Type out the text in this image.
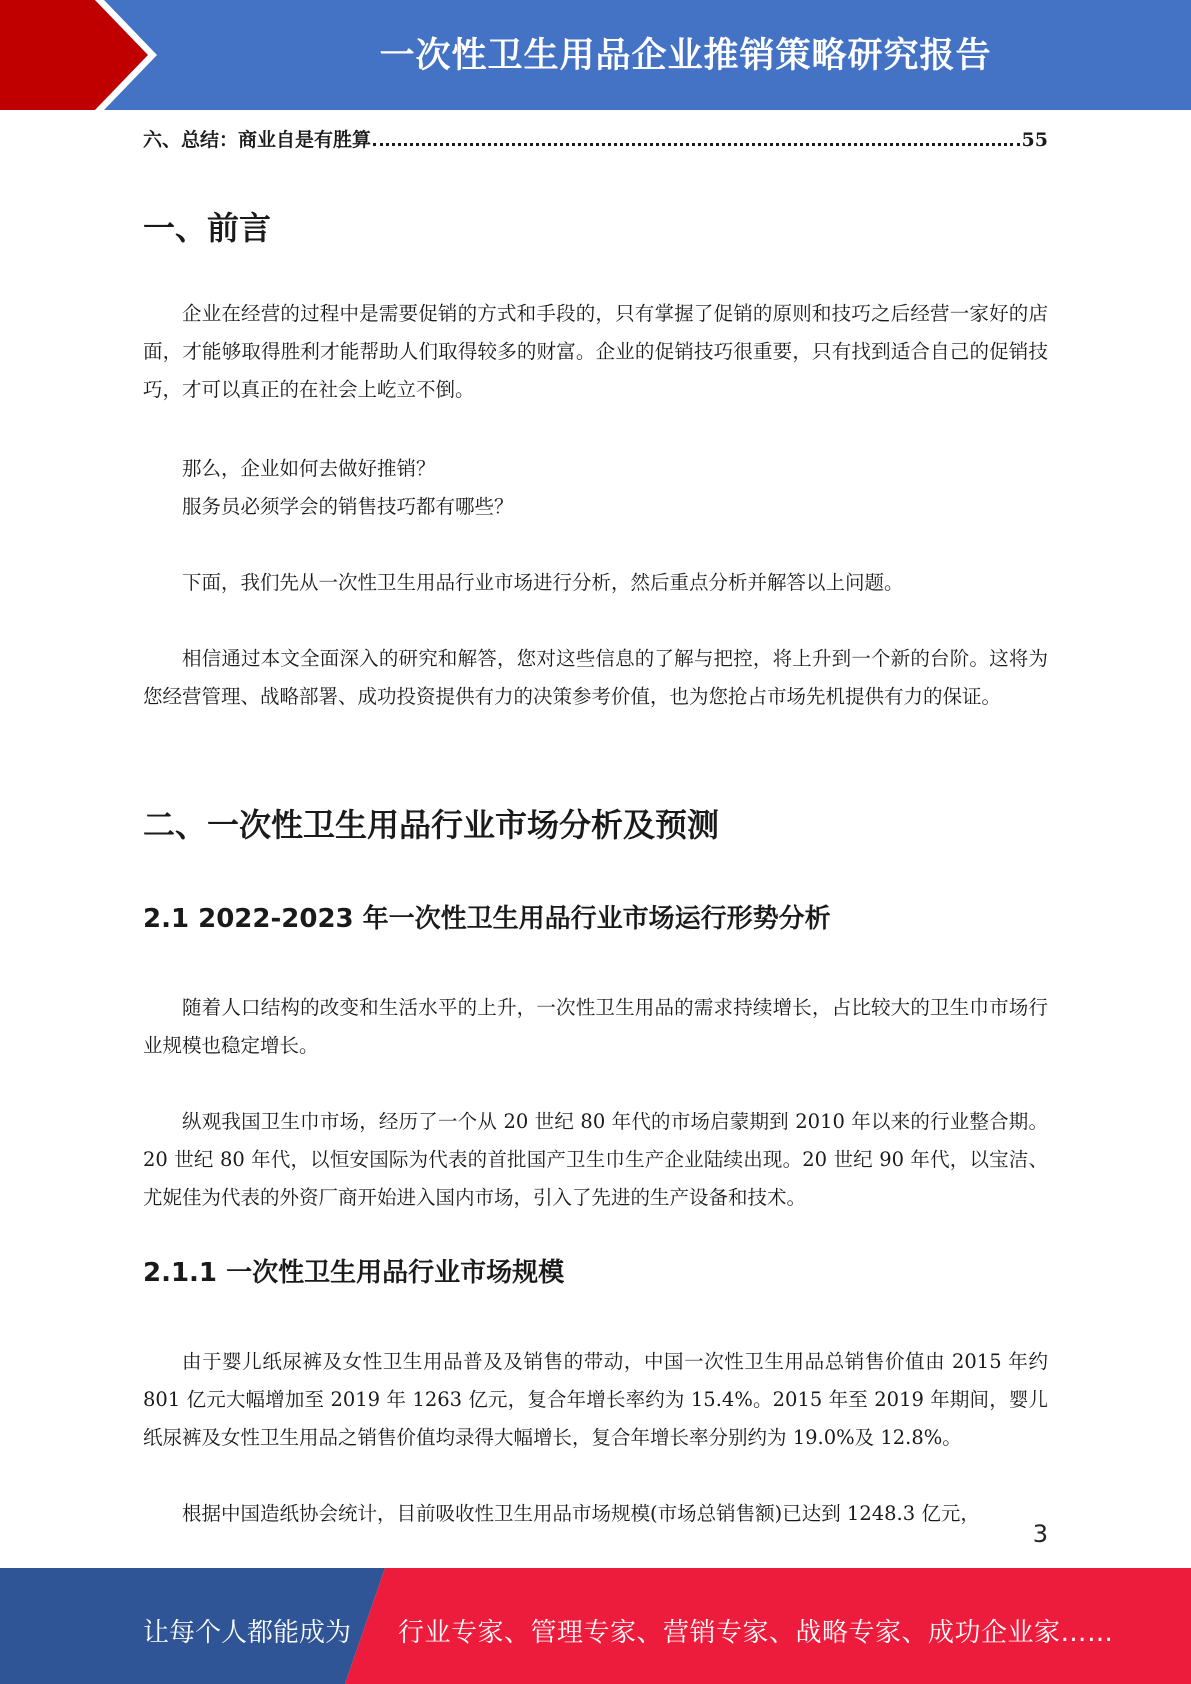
一次性卫生用品企业推销策略研究报告
六、总结：商业自是有胜算	55
一、前言

企业在经营的过程中是需要促销的方式和手段的，只有掌握了促销的原则和技巧之后经营一家好的店面，才能够取得胜利才能帮助人们取得较多的财富。企业的促销技巧很重要，只有找到适合自己的促销技巧，才可以真正的在社会上屹立不倒。

那么，企业如何去做好推销？

服务员必须学会的销售技巧都有哪些？

下面，我们先从一次性卫生用品行业市场进行分析，然后重点分析并解答以上问题。

相信通过本文全面深入的研究和解答，您对这些信息的了解与把控，将上升到一个新的台阶。这将为您经营管理、战略部署、成功投资提供有力的决策参考价值，也为您抢占市场先机提供有力的保证。

二、一次性卫生用品行业市场分析及预测
2.1 2022-2023 年一次性卫生用品行业市场运行形势分析

随着人口结构的改变和生活水平的上升，一次性卫生用品的需求持续增长，占比较大的卫生巾市场行业规模也稳定增长。

纵观我国卫生巾市场，经历了一个从 20 世纪 80 年代的市场启蒙期到 2010 年以来的行业整合期。20 世纪 80 年代，以恒安国际为代表的首批国产卫生巾生产企业陆续出现。20 世纪 90 年代，以宝洁、尤妮佳为代表的外资厂商开始进入国内市场，引入了先进的生产设备和技术。

2.1.1 一次性卫生用品行业市场规模

由于婴儿纸尿裤及女性卫生用品普及及销售的带动，中国一次性卫生用品总销售价值由 2015 年约 801 亿元大幅增加至 2019 年 1263 亿元，复合年增长率约为 15.4%。2015 年至 2019 年期间，婴儿纸尿裤及女性卫生用品之销售价值均录得大幅增长，复合年增长率分别约为 19.0%及 12.8%。

根据中国造纸协会统计，目前吸收性卫生用品市场规模(市场总销售额)已达到 1248.3 亿元，

3
让每个人都能成为 行业专家、管理专家、营销专家、战略专家、成功企业家……
